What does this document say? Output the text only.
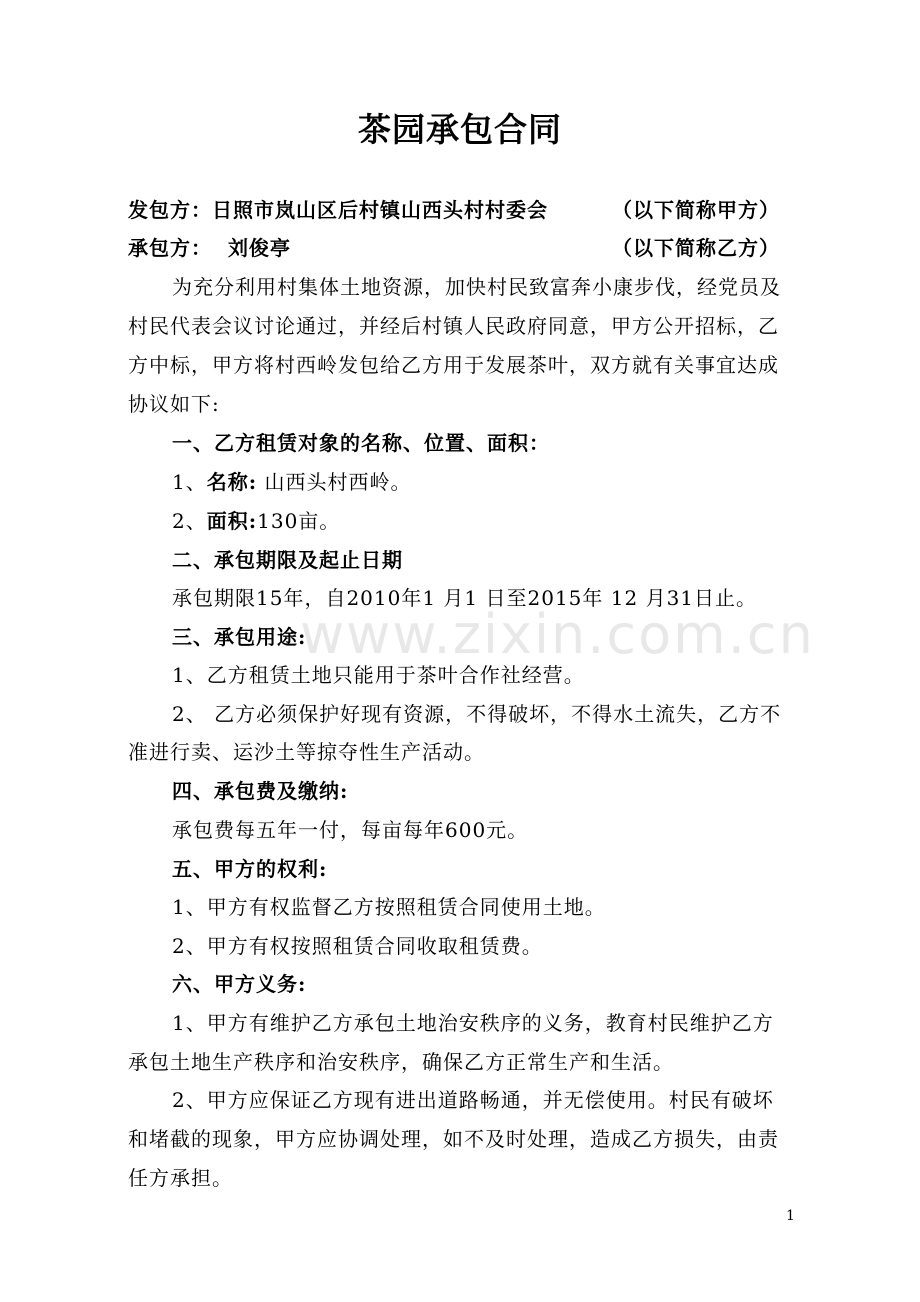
茶园承包合同
发包方：日照市岚山区后村镇山西头村村委会	（以下简称甲方）
承包方： 刘俊亭	（以下简称乙方）
为充分利用村集体土地资源，加快村民致富奔小康步伐，经党员及
村民代表会议讨论通过，并经后村镇人民政府同意，甲方公开招标，乙
方中标，甲方将村西岭发包给乙方用于发展茶叶，双方就有关事宜达成
协议如下:
一、乙方租赁对象的名称、位置、面积：
1、名称: 山西头村西岭。
2、面积:130亩。
二、承包期限及起止日期
承包期限15年，自2010年1 月1 日至2015年 12 月31日止。
三、承包用途:
1、乙方租赁土地只能用于茶叶合作社经营。
2、 乙方必须保护好现有资源，不得破坏，不得水土流失，乙方不
准进行卖、运沙土等掠夺性生产活动。
四、承包费及缴纳:
承包费每五年一付，每亩每年600元。
五、甲方的权利:
1、甲方有权监督乙方按照租赁合同使用土地。
2、甲方有权按照租赁合同收取租赁费。
六、甲方义务:
1、甲方有维护乙方承包土地治安秩序的义务，教育村民维护乙方
承包土地生产秩序和治安秩序，确保乙方正常生产和生活。
2、甲方应保证乙方现有进出道路畅通，并无偿使用。村民有破坏
和堵截的现象，甲方应协调处理，如不及时处理，造成乙方损失，由责
任方承担。
www.zixin.com.cn
1
